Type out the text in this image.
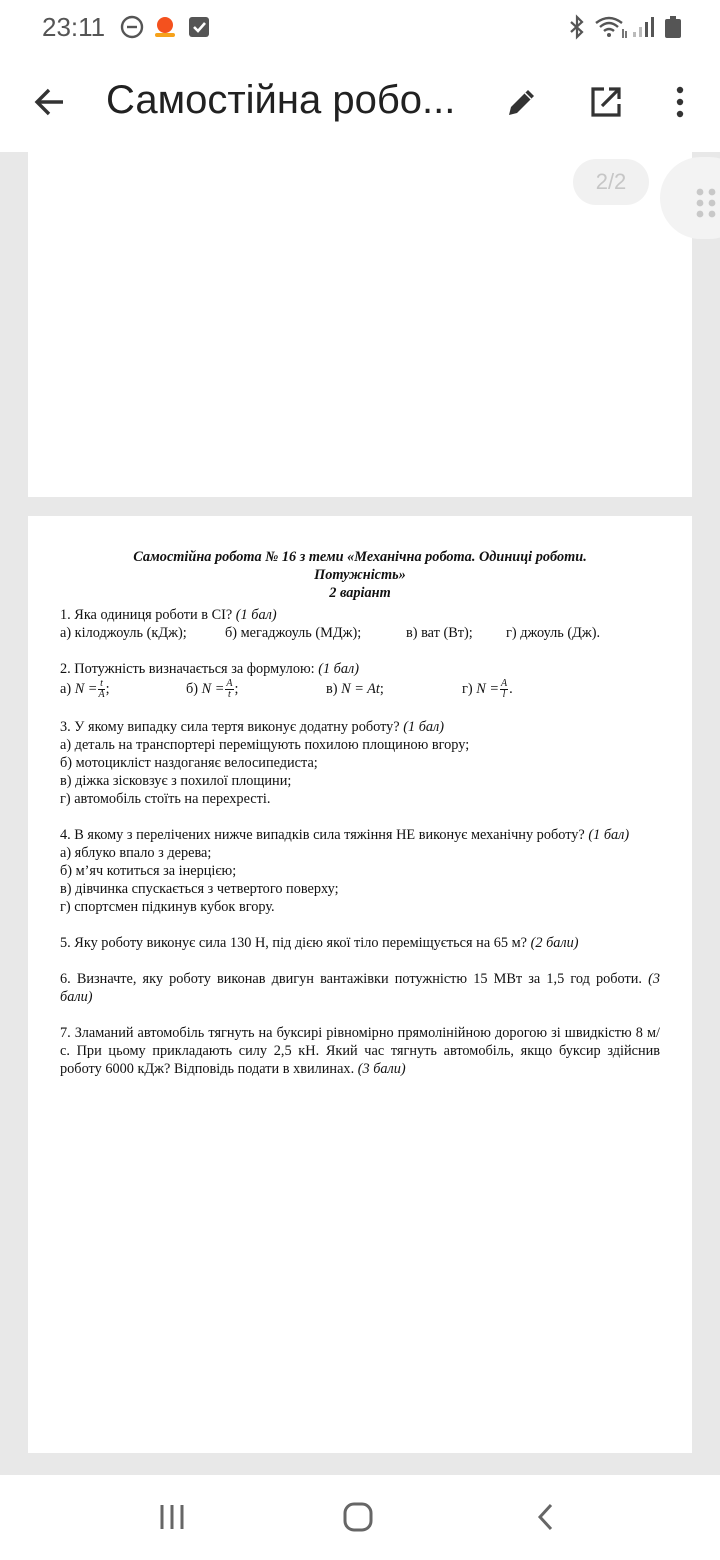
23:11
Самостійна робо...
2/2
Самостійна робота № 16 з теми «Механічна робота. Одиниці роботи.
Потужність»
2 варіант
1. Яка одиниця роботи в СІ? (1 бал)
а) кілоджоуль (кДж);	б) мегаджоуль (МДж);	в) ват (Вт);	г) джоуль (Дж).
2. Потужність визначається за формулою: (1 бал)
а) $N = \frac{t}{A}$ ;	б) $N = \frac{A}{t}$ ;	в) N = At;	г) $N = \frac{A}{l}$ .
3. У якому випадку сила тертя виконує додатну роботу? (1 бал)
а) деталь на транспортері переміщують похилою площиною вгору;
б) мотоцикліст наздоганяє велосипедиста;
в) діжка зісковзує з похилої площини;
г) автомобіль стоїть на перехресті.
4. В якому з перелічених нижче випадків сила тяжіння НЕ виконує механічну роботу? (1 бал)
а) яблуко впало з дерева;
б) м’яч котиться за інерцією;
в) дівчинка спускається з четвертого поверху;
г) спортсмен підкинув кубок вгору.
5. Яку роботу виконує сила 130 Н, під дією якої тіло переміщується на 65 м? (2 бали)
6. Визначте, яку роботу виконав двигун вантажівки потужністю 15 МВт за 1,5 год роботи. (3 бали)
7. Зламаний автомобіль тягнуть на буксирі рівномірно прямолінійною дорогою зі швидкістю 8 м/с. При цьому прикладають силу 2,5 кН. Який час тягнуть автомобіль, якщо буксир здійснив роботу 6000 кДж? Відповідь подати в хвилинах. (3 бали)
